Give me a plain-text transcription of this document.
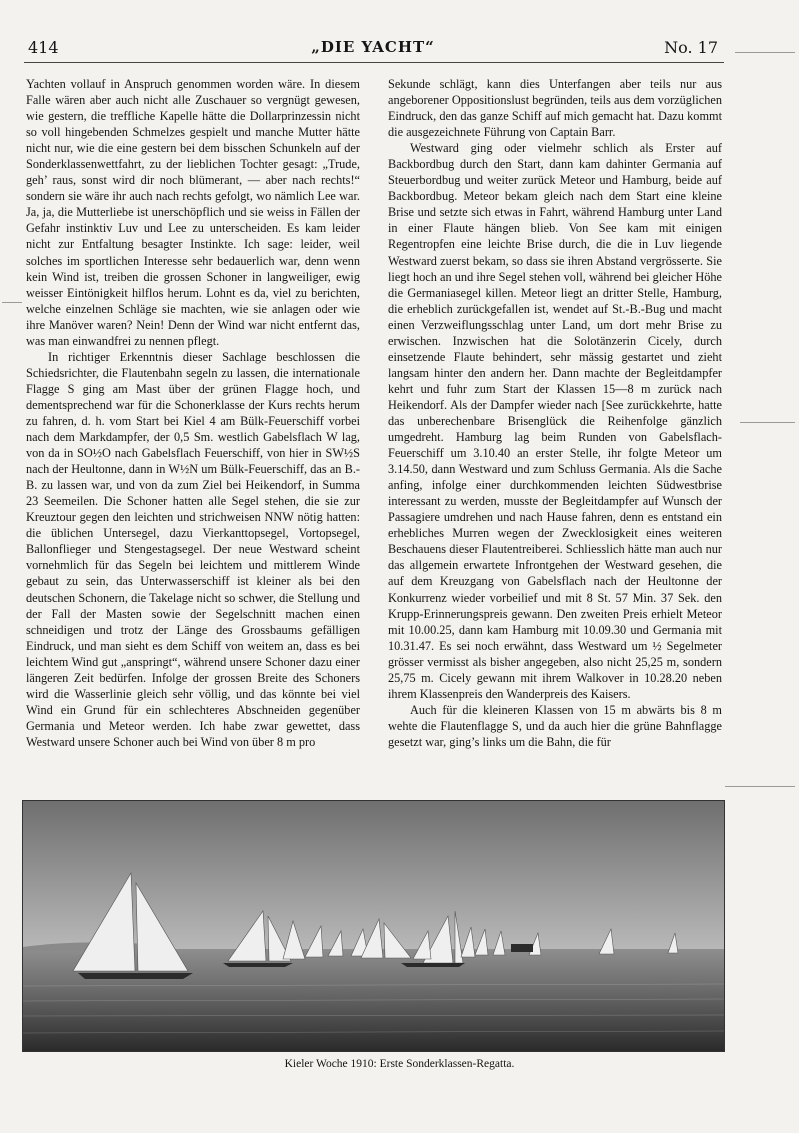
414	„DIE YACHT“	No. 17

Yachten vollauf in Anspruch genommen worden wäre. In diesem Falle wären aber auch nicht alle Zuschauer so vergnügt gewesen, wie gestern, die treffliche Kapelle hätte die Dollarprinzessin nicht so voll hingebenden Schmelzes gespielt und manche Mutter hätte nicht nur, wie die eine gestern bei dem bisschen Schunkeln auf der Sonderklassenwettfahrt, zu der lieblichen Tochter gesagt: „Trude, geh’ raus, sonst wird dir noch blümerant, — aber nach rechts!“ sondern sie wäre ihr auch nach rechts gefolgt, wo nämlich Lee war. Ja, ja, die Mutterliebe ist unerschöpflich und sie weiss in Fällen der Gefahr instinktiv Luv und Lee zu unterscheiden. Es kam leider nicht zur Entfaltung besagter Instinkte. Ich sage: leider, weil solches im sportlichen Interesse sehr bedauerlich war, denn wenn kein Wind ist, treiben die grossen Schoner in langweiliger, ewig weisser Eintönigkeit hilflos herum. Lohnt es da, viel zu berichten, welche einzelnen Schläge sie machten, wie sie anlagen oder wie ihre Manöver waren? Nein! Denn der Wind war nicht entfernt das, was man einwandfrei zu nennen pflegt.

In richtiger Erkenntnis dieser Sachlage beschlossen die Schiedsrichter, die Flautenbahn segeln zu lassen, die internationale Flagge S ging am Mast über der grünen Flagge hoch, und dementsprechend war für die Schonerklasse der Kurs rechts herum zu fahren, d. h. vom Start bei Kiel 4 am Bülk-Feuerschiff vorbei nach dem Markdampfer, der 0,5 Sm. westlich Gabelsflach W lag, von da in SO½O nach Gabelsflach Feuerschiff, von hier in SW½S nach der Heultonne, dann in W½N um Bülk-Feuerschiff, das an B.-B. zu lassen war, und von da zum Ziel bei Heikendorf, in Summa 23 Seemeilen. Die Schoner hatten alle Segel stehen, die sie zur Kreuztour gegen den leichten und strichweisen NNW nötig hatten: die üblichen Untersegel, dazu Vierkanttopsegel, Vortopsegel, Ballonflieger und Stengestagsegel. Der neue Westward scheint vornehmlich für das Segeln bei leichtem und mittlerem Winde gebaut zu sein, das Unterwasserschiff ist kleiner als bei den deutschen Schonern, die Takelage nicht so schwer, die Stellung und der Fall der Masten sowie der Segelschnitt machen einen schneidigen und trotz der Länge des Grossbaums gefälligen Eindruck, und man sieht es dem Schiff von weitem an, dass es bei leichtem Wind gut „anspringt“, während unsere Schoner dazu einer längeren Zeit bedürfen. Infolge der grossen Breite des Schoners wird die Wasserlinie gleich sehr völlig, und das könnte bei viel Wind ein Grund für ein schlechteres Abschneiden gegenüber Germania und Meteor werden. Ich habe zwar gewettet, dass Westward unsere Schoner auch bei Wind von über 8 m pro

Sekunde schlägt, kann dies Unterfangen aber teils nur aus angeborener Oppositionslust begründen, teils aus dem vorzüglichen Eindruck, den das ganze Schiff auf mich gemacht hat. Dazu kommt die ausgezeichnete Führung von Captain Barr.

Westward ging oder vielmehr schlich als Erster auf Backbordbug durch den Start, dann kam dahinter Germania auf Steuerbordbug und weiter zurück Meteor und Hamburg, beide auf Backbordbug. Meteor bekam gleich nach dem Start eine kleine Brise und setzte sich etwas in Fahrt, während Hamburg unter Land in einer Flaute hängen blieb. Von See kam mit einigen Regentropfen eine leichte Brise durch, die die in Luv liegende Westward zuerst bekam, so dass sie ihren Abstand vergrösserte. Sie liegt hoch an und ihre Segel stehen voll, während bei gleicher Höhe die Germaniasegel killen. Meteor liegt an dritter Stelle, Hamburg, die erheblich zurückgefallen ist, wendet auf St.-B.-Bug und macht einen Verzweiflungsschlag unter Land, um dort mehr Brise zu erwischen. Inzwischen hat die Solotänzerin Cicely, durch einsetzende Flaute behindert, sehr mässig gestartet und zieht langsam hinter den andern her. Dann machte der Begleitdampfer kehrt und fuhr zum Start der Klassen 15—8 m zurück nach Heikendorf. Als der Dampfer wieder nach [See zurückkehrte, hatte das unberechenbare Brisenglück die Reihenfolge gänzlich umgedreht. Hamburg lag beim Runden von Gabelsflach-Feuerschiff um 3.10.40 an erster Stelle, ihr folgte Meteor um 3.14.50, dann Westward und zum Schluss Germania. Als die Sache anfing, infolge einer durchkommenden leichten Südwestbrise interessant zu werden, musste der Begleitdampfer auf Wunsch der Passagiere umdrehen und nach Hause fahren, denn es entstand ein erhebliches Murren wegen der Zwecklosigkeit eines weiteren Beschauens dieser Flautentreiberei. Schliesslich hätte man auch nur das allgemein erwartete Infrontgehen der Westward gesehen, die auf dem Kreuzgang von Gabelsflach nach der Heultonne der Konkurrenz wieder vorbeilief und mit 8 St. 57 Min. 37 Sek. den Krupp-Erinnerungspreis gewann. Den zweiten Preis erhielt Meteor mit 10.00.25, dann kam Hamburg mit 10.09.30 und Germania mit 10.31.47. Es sei noch erwähnt, dass Westward um ½ Segelmeter grösser vermisst als bisher angegeben, also nicht 25,25 m, sondern 25,75 m. Cicely gewann mit ihrem Walkover in 10.28.20 neben ihrem Klassenpreis den Wanderpreis des Kaisers.

Auch für die kleineren Klassen von 15 m abwärts bis 8 m wehte die Flautenflagge S, und da auch hier die grüne Bahnflagge gesetzt war, ging’s links um die Bahn, die für

Kieler Woche 1910: Erste Sonderklassen-Regatta.
